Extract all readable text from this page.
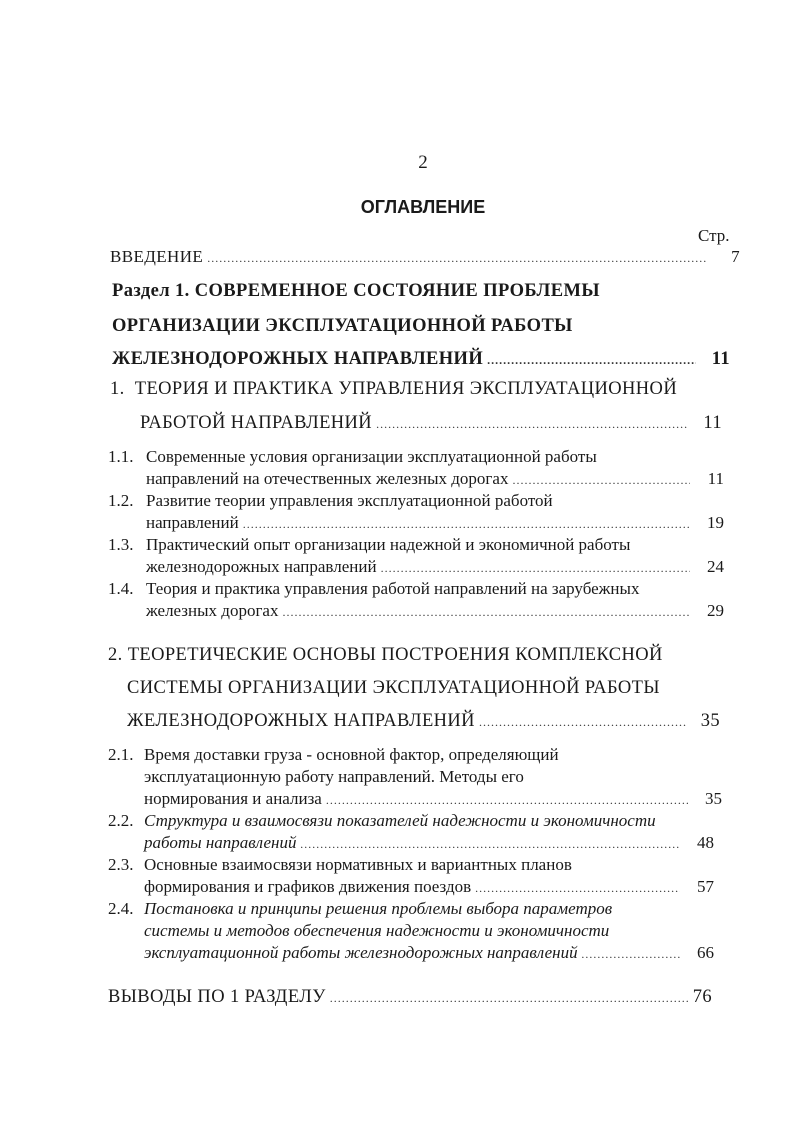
2
ОГЛАВЛЕНИЕ
Стр.
ВВЕДЕНИЕ .....	7
Раздел 1. СОВРЕМЕННОЕ СОСТОЯНИЕ ПРОБЛЕМЫ
ОРГАНИЗАЦИИ ЭКСПЛУАТАЦИОННОЙ РАБОТЫ
ЖЕЛЕЗНОДОРОЖНЫХ НАПРАВЛЕНИЙ .....	11
1. ТЕОРИЯ И ПРАКТИКА УПРАВЛЕНИЯ ЭКСПЛУАТАЦИОННОЙ
РАБОТОЙ НАПРАВЛЕНИЙ .....	11
1.1. Современные условия организации эксплуатационной работы
направлений на отечественных железных дорогах .....	11
1.2. Развитие теории управления эксплуатационной работой
направлений .....	19
1.3. Практический опыт организации надежной и экономичной работы
железнодорожных направлений .....	24
1.4. Теория и практика управления работой направлений на зарубежных
железных дорогах .....	29
2. ТЕОРЕТИЧЕСКИЕ ОСНОВЫ ПОСТРОЕНИЯ КОМПЛЕКСНОЙ
СИСТЕМЫ ОРГАНИЗАЦИИ ЭКСПЛУАТАЦИОННОЙ РАБОТЫ
ЖЕЛЕЗНОДОРОЖНЫХ НАПРАВЛЕНИЙ .....	35
2.1. Время доставки груза - основной фактор, определяющий
эксплуатационную работу направлений. Методы его
нормирования и анализа .....	35
2.2. Структура и взаимосвязи показателей надежности и экономичности
работы направлений .....	48
2.3. Основные взаимосвязи нормативных и вариантных планов
формирования и графиков движения поездов .....	57
2.4. Постановка и принципы решения проблемы выбора параметров
системы и методов обеспечения надежности и экономичности
эксплуатационной работы железнодорожных направлений .....	66
ВЫВОДЫ ПО 1 РАЗДЕЛУ .....	76
